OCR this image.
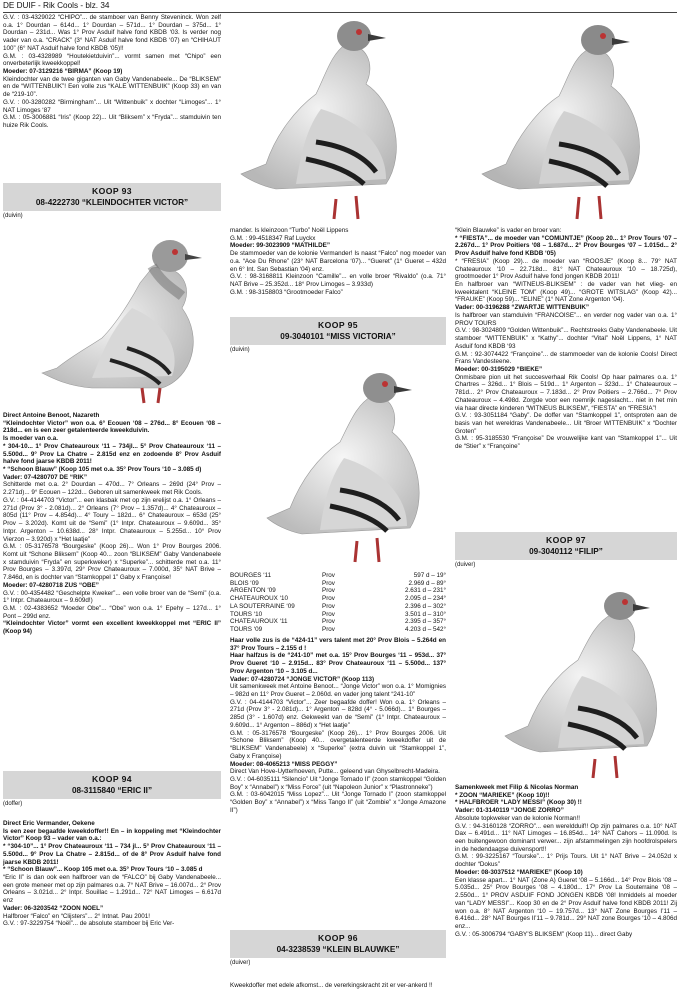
DE DUIF - Rik Cools - blz. 34

G.V. : 03-4329022 “CHIPO”... de stamboer van Benny Steveninck. Won zelf o.a. 1° Dourdan – 614d... 1° Dourdan – 571d... 1° Dourdan – 375d... 1° Dourdan – 231d... Was 1° Prov Asduif halve fond KBDB ‘03. Is verder nog vader van o.a. “CRACK” (3° NAT Asduif halve fond KBDB ‘07) en “CHIHAUT 100” (6° NAT Asduif halve fond KBDB ‘05)!!

G.M. : 03-4328989 “Houtekietduivin”... vormt samen met “Chipo” een onverbeterlijk kweekkoppel!

Moeder: 07-3129216 “BIRMA” (Koop 19)

Kleindochter van de twee giganten van Gaby Vandenabeele... De “BLIKSEM” en de “WITTENBUIK”! Een volle zus “KALE WITTENBUIK” (Koop 33) en van de “219-10”.

G.V. : 00-3280282 “Birmingham”... Uit “Wittenbuik” x dochter “Limoges”... 1° NAT Limoges ‘87

G.M. : 05-3006881 “Iris” (Koop 22)... Uit “Bliksem” x “Fryda”... stamduivin ten huize Rik Cools.

KOOP 93
08-4222730 “KLEINDOCHTER VICTOR”
(duivin)

Direct Antoine Benoot, Nazareth

“Kleindochter Victor” won o.a. 6° Ecouen ‘08 – 276d... 8° Ecouen ‘08 – 218d... en is een zeer getalenteerde kweekduivin.

Is moeder van o.a.

* 304-10... 1° Prov Chateauroux ‘11 – 734jl... 5° Prov Chateauroux ‘11 – 5.500d... 9° Prov La Chatre – 2.815d enz en zodoende 8° Prov Asduif halve fond jaarse KBDB 2011!

* “Schoon Blauw” (Koop 105 met o.a. 35° Prov Tours ‘10 – 3.085 d)

Vader: 07-4280707 DE “RIK”

Schitterde met o.a. 2° Dourdan – 470d... 7° Orleans – 269d (24° Prov – 2.271d)... 9° Ecouen – 122d... Geboren uit samenkweek met Rik Cools.

G.V. : 04-4144703 “Victor”... een klasbak met op zijn erelijst o.a. 1° Orleans – 271d (Prov 3° - 2.081d)... 2° Orleans (7° Prov – 1.357d)... 4° Chateauroux – 805d (11° Prov – 4.854d)... 4° Toury – 182d... 6° Chateauroux – 653d (25° Prov – 3.202d). Komt uit de “Semi” (1° Intpr. Chateauroux – 9.609d... 35° Intpr. Argenton – 10.638d... 28° Intpr. Chateauroux – 5.255d... 10° Prov Vierzon – 3.920d) x “Het laatje”

G.M. : 05-3176578 “Bourgeske” (Koop 26)... Won 1° Prov Bourges 2006. Komt uit “Schone Bliksem” (Koop 40... zoon “BLIKSEM” Gaby Vandenabeele x stamduivin “Fryda” en superkweker) x “Superke”... schitterde met o.a. 11° Prov Bourges – 3.397d, 29° Prov Chateauroux – 7.000d, 35° NAT Brive – 7.846d, en is dochter van “Stamkoppel 1” Gaby x Françoise!

Moeder: 07-4280718 ZUS “OBE”

G.V. : 00-4354482 “Geschelpte Kweker”... een volle broer van de “Semi” (o.a. 1° Intpr. Chateauroux – 9.609d!)

G.M. : 02-4383652 “Moeder Obe”... “Obe” won o.a. 1° Epehy – 127d... 1° Pont – 299d enz.

“Kleindochter Victor” vormt een excellent kweekkoppel met “ERIC II” (Koop 94)

KOOP 94
08-3115840 “ERIC II”
(doffer)

Direct Eric Vermander, Oekene

Is een zeer begaafde kweekdoffer!! En – in koppeling met “Kleindochter Victor” Koop 93 – vader van o.a.:

* “304-10”... 1° Prov Chateauroux ‘11 – 734 jl... 5° Prov Chateauroux ‘11 – 5.500d... 9° Prov La Chatre – 2.815d... of de 8° Prov Asduif halve fond jaarse KBDB 2011!

* “Schoon Blauw”... Koop 105 met o.a. 35° Prov Tours ‘10 – 3.085 d

“Eric II” is dan ook een halfbroer van de “FALCO” bij Gaby Vandenabeele... een grote meneer met op zijn palmares o.a. 7° NAT Brive – 16.007d... 2° Prov Orleans – 3.021d... 2° Intpr. Souillac – 1.291d... 72° NAT Limoges – 6.617d enz

Vader: 06-3203542 “ZOON NOEL”

Halfbroer “Falco” en “Clijsters”... 2° Intnat. Pau 2001!

G.V. : 97-3229754 “Noël”... de absolute stamboer bij Eric Ver-

mander. Is kleinzoon “Turbo” Noël Lippens

G.M. : 99-4518347 Raf Luyckx

Moeder: 99-3023909 “MATHILDE”

De stammoeder van de kolonie Vermander! Is naast “Falco” nog moeder van o.a. “Ace Du Rhone” (23° NAT Barcelona ‘07)... “Gueret” (1° Gueret – 432d en 6° Int. San Sebastian ‘04) enz.

G.V. : 98-3168811 Kleinzoon “Camille”... en volle broer “Rivaldo” (o.a. 71° NAT Brive – 25.352d... 18° Prov Limoges – 3.933d)

G.M. : 98-3158803 “Grootmoeder Falco”

KOOP 95
09-3040101 “MISS VICTORIA”
(duivin)
BOURGES ‘11	Prov	597 d – 19°
BLOIS ‘09	Prov	2.969 d – 89°
ARGENTON ‘09	Prov	2.631 d – 231°
CHATEAUROUX ‘10	Prov	2.095 d – 234°
LA SOUTERRAINE ‘09	Prov	2.396 d – 302°
TOURS ‘10	Prov	3.501 d – 310°
CHATEAUROUX ‘11	Prov	2.395 d – 357°
TOURS ‘09	Prov	4.203 d – 542°

Haar volle zus is de “424-11” vers talent met 20° Prov Blois – 5.264d en 37° Prov Tours – 2.155 d !

Haar halfzus is de “241-10” met o.a. 15° Prov Bourges ‘11 – 953d... 37° Prov Gueret ‘10 – 2.915d... 83° Prov Chateauroux ‘11 – 5.500d... 137° Prov Argenton ‘10 – 3.105 d...

Vader: 07-4280724 “JONGE VICTOR” (Koop 113)

Uit samenkweek met Antoine Benoot... “Jonge Victor” won o.a. 1° Momignies – 982d en 11° Prov Gueret – 2.060d. en vader jong talent “241-10”

G.V. : 04-4144703 “Victor”... Zeer begaafde doffer! Won o.a. 1° Orleans – 271d (Prov 3° - 2.081d)... 1° Argenton – 828d (4° - 5.066d)... 1° Bourges – 285d (3° - 1.607d) enz. Gekweekt van de “Semi” (1° Intpr. Chateauroux – 9.609d... 1° Argenton – 886d) x “Het laatje”

G.M. : 05-3176578 “Bourgeske” (Koop 26)... 1° Prov Bourges 2006. Uit “Schone Bliksem” (Koop 40... overgetalenteerde kweekdoffer uit de “BLIKSEM” Vandenabeele) x “Superke” (extra duivin uit “Stamkoppel 1”, Gaby x Françoise)

Moeder: 08-4065213 “MISS PEGGY”

Direct Van Hove-Uytterhoeven, Putte... geleend van Ghyselbrecht-Madeira.

G.V. : 04-6035111 “Silencio” Uit “Jonge Tornado II” (zoon stamkoppel “Golden Boy” x “Annabel”) x “Miss Force” (uit “Napoleon Junior” x “Plastronneke”)

G.M. : 03-6042015 “Miss Lopez”... Uit “Jonge Tornado I” (zoon stamkoppel “Golden Boy” x “Annabel”) x “Miss Tango II” (uit “Zombie” x “Jonge Amazone II”)

KOOP 96
04-3238539 “KLEIN BLAUWKE”
(duiver)

Kweekdoffer met edele afkomst... de vererkingskracht zit er ver-ankerd !!

“Klein Blauwke” is vader en broer van:

* “FIESTA”... de moeder van “COMIJNTJE” (Koop 20... 1° Prov Tours ‘07 – 2.267d... 1° Prov Poitiers ‘08 – 1.687d... 2° Prov Bourges ‘07 – 1.015d... 2° Prov Asduif halve fond KBDB ‘05)

* “FRESIA” (Koop 29)... de moeder van “ROOSJE” (Koop 8... 79° NAT Chateauroux ‘10 – 22.718d... 81° NAT Chateauroux ‘10 – 18.725d), grootmoeder 1° Prov Asduif halve fond jongen KBDB 2011!

En halfbroer van “WITNEUS-BLIKSEM” : de vader van het vlieg- en kweektalent “KLEINE TOM” (Koop 49)... “GROTE WITSLAG” (Koop 42)... “FRAUKE” (Koop 59)... “ELINE” (1° NAT Zone Argenton ‘04).

Vader: 00-3196288 “ZWARTJE WITTENBUIK”

Is halfbroer van stamduivin “FRANCOISE”... en verder nog vader van o.a. 1° PROV TOURS

G.V. : 98-3024809 “Golden Wittenbuik”... Rechtstreeks Gaby Vandenabeele. Uit stamboer “WITTENBUIK” x “Kathy”... dochter “Vital” Noël Lippens, 1° NAT Asduif fond KBDB ‘93

G.M. : 92-3074422 “Françoine”... de stammoeder van de kolonie Cools! Direct Frans Vandesteene.

Moeder: 00-3195029 “BIEKE”

Onmisbare pion uit het succesverhaal Rik Cools! Op haar palmares o.a. 1° Chartres – 326d... 1° Blois – 519d... 1° Argenton – 323d... 1° Chateauroux – 781d... 2° Prov Chateauroux – 7.183d... 2° Prov Poitiers – 2.766d... 7° Prov Chateauroux – 4.498d. Zorgde voor een roemrijk nageslacht... niet in het min via haar directe kinderen “WITNEUS BLIKSEM”, “FIESTA” en “FRESIA”!

G.V. : 93-3051184 “Gaby”. De doffer van “Stamkoppel 1”, ontsproten aan de basis van het wereldras Vandenabeele... Uit “Broer WITTENBUIK” x “Dochter Groten”

G.M. : 95-3185530 “Françoise” De vrouwelijke kant van “Stamkoppel 1”... Uit de “Stier” x “Françoine”

KOOP 97
09-3040112 “FILIP”
(duiver)

Samenkweek met Filip & Nicolas Norman

* ZOON “MARIEKE” (Koop 10)!!

* HALFBROER “LADY MESSI” (Koop 30) !!

Vader: 01-3140119 “JONGE ZORRO”

Absolute topkweker van de kolonie Norman!!

G.V. : 94-3160128 “ZORRO”... een wereldduif!! Op zijn palmares o.a. 10° NAT Dax – 6.491d... 11° NAT Limoges – 16.854d... 14° NAT Cahors – 11.090d. Is een buitengewoon dominant verwer... zijn afstammelingen zijn hoofdrolspelers in de hedendaagse duivensport!!

G.M. : 99-3225167 “Tourske”... 1° Prijs Tours. Uit 1° NAT Brive – 24.052d x dochter “Dokus”

Moeder: 08-3037512 “MARIEKE” (Koop 10)

Een klasse apart... 1° NAT (Zone A) Gueret ‘08 – 5.166d... 14° Prov Blois ‘08 – 5.035d... 25° Prov Bourges ‘08 – 4.180d... 17° Prov La Souterraine ‘08 – 2.550d... 1° PROV ASDUIF FOND JONGEN KBDB ‘08! Inmiddels al moeder van “LADY MESSI”... Koop 30 en de 2° Prov Asduif halve fond KBDB 2011! Zij won o.a. 8° NAT Argenton ‘10 – 19.757d... 13° NAT Zone Bourges I’11 – 6.416d... 28° NAT Bourges II’11 – 9.781d... 29° NAT zone Bourges ‘10 – 4.806d enz...

G.V. : 05-3006794 “GABY’S BLIKSEM” (Koop 11)... direct Gaby
